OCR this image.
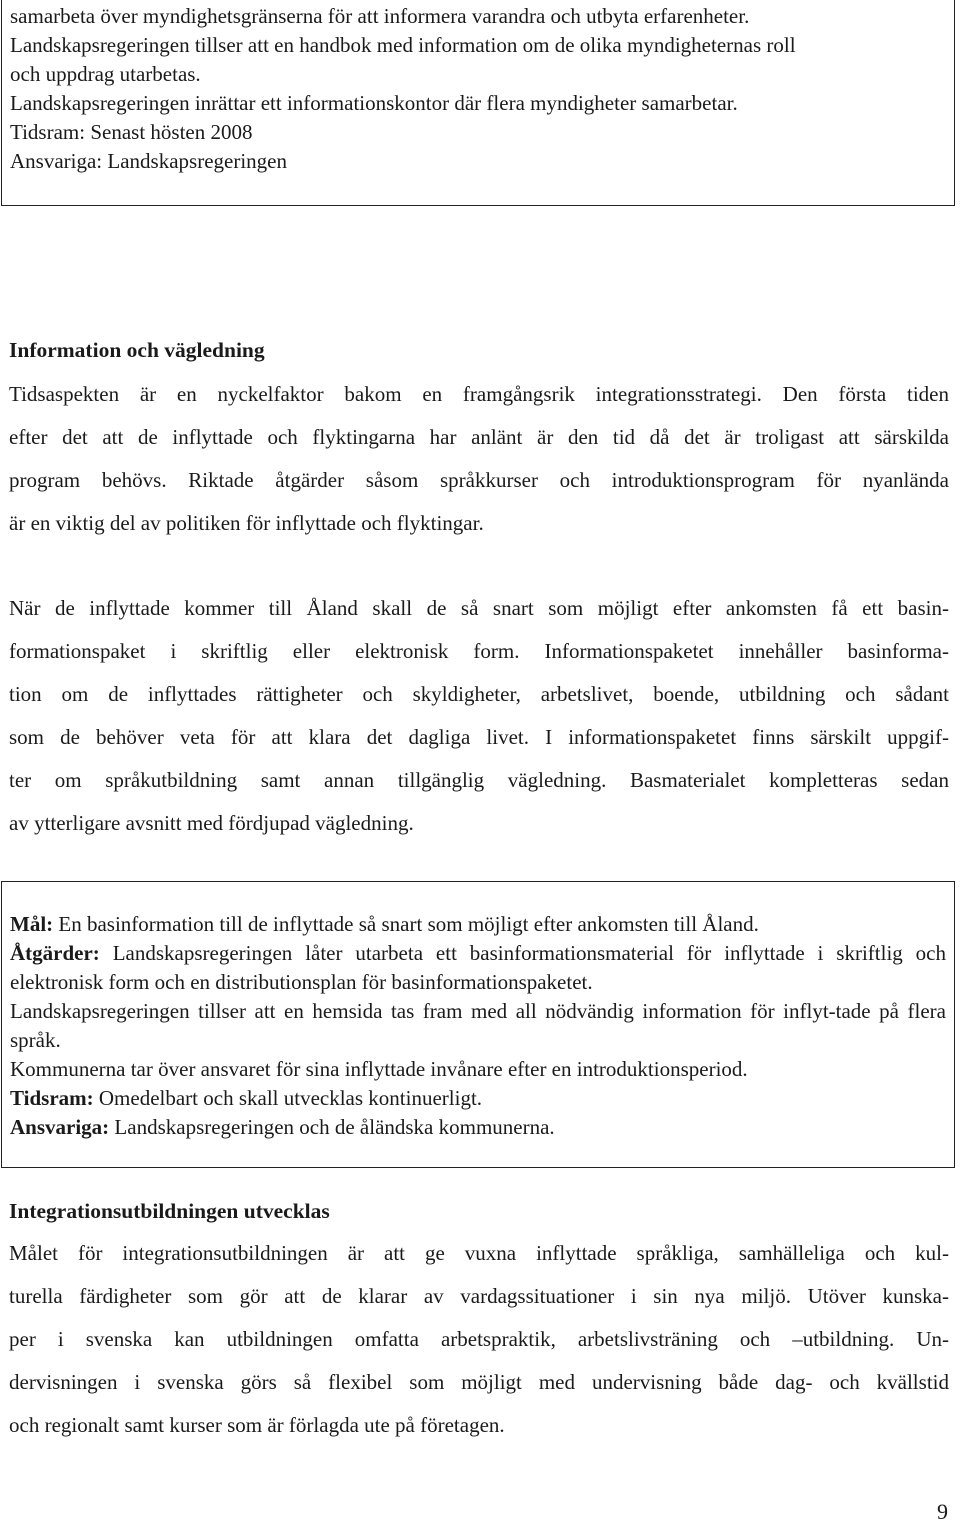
samarbeta över myndighetsgränserna för att informera varandra och utbyta erfarenheter.
Landskapsregeringen tillser att en handbok med information om de olika myndigheternas roll
och uppdrag utarbetas.
Landskapsregeringen inrättar ett informationskontor där flera myndigheter samarbetar.
Tidsram: Senast hösten 2008
Ansvariga: Landskapsregeringen
Information och vägledning
Tidsaspekten är en nyckelfaktor bakom en framgångsrik integrationsstrategi. Den första tiden
efter det att de inflyttade och flyktingarna har anlänt är den tid då det är troligast att särskilda
program behövs. Riktade åtgärder såsom språkkurser och introduktionsprogram för nyanlända
är en viktig del av politiken för inflyttade och flyktingar.
När de inflyttade kommer till Åland skall de så snart som möjligt efter ankomsten få ett basin-
formationspaket i skriftlig eller elektronisk form. Informationspaketet innehåller basinforma-
tion om de inflyttades rättigheter och skyldigheter, arbetslivet, boende, utbildning och sådant
som de behöver veta för att klara det dagliga livet. I informationspaketet finns särskilt uppgif-
ter om språkutbildning samt annan tillgänglig vägledning. Basmaterialet kompletteras sedan
av ytterligare avsnitt med fördjupad vägledning.

Mål: En basinformation till de inflyttade så snart som möjligt efter ankomsten till Åland.

Åtgärder: Landskapsregeringen låter utarbeta ett basinformationsmaterial för inflyttade i skriftlig och elektronisk form och en distributionsplan för basinformationspaketet.

Landskapsregeringen tillser att en hemsida tas fram med all nödvändig information för inflyt-tade på flera språk.

Kommunerna tar över ansvaret för sina inflyttade invånare efter en introduktionsperiod.

Tidsram: Omedelbart och skall utvecklas kontinuerligt.

Ansvariga: Landskapsregeringen och de åländska kommunerna.

Integrationsutbildningen utvecklas
Målet för integrationsutbildningen är att ge vuxna inflyttade språkliga, samhälleliga och kul-
turella färdigheter som gör att de klarar av vardagssituationer i sin nya miljö. Utöver kunska-
per i svenska kan utbildningen omfatta arbetspraktik, arbetslivsträning och –utbildning. Un-
dervisningen i svenska görs så flexibel som möjligt med undervisning både dag- och kvällstid
och regionalt samt kurser som är förlagda ute på företagen.
9
